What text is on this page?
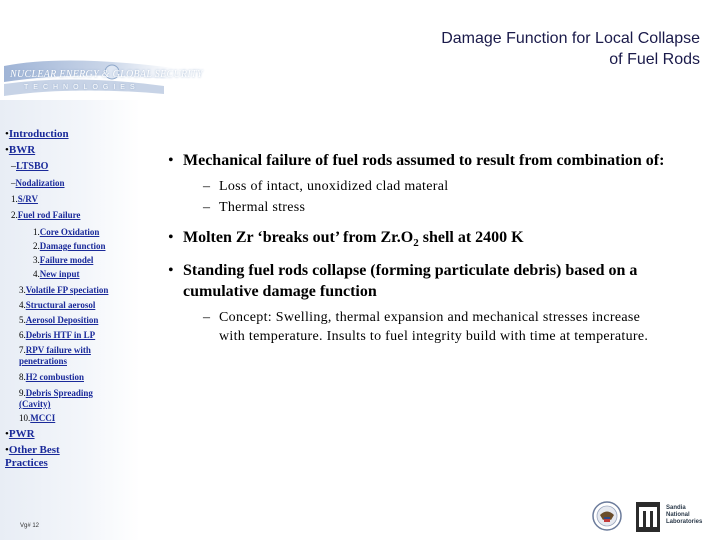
NUCLEAR ENERGY & GLOBAL SECURITY
TECHNOLOGIES
Damage Function for Local Collapse
of Fuel Rods
•Introduction
•BWR
–LTSBO
–Nodalization
1.S/RV
2.Fuel rod Failure
1.Core Oxidation
2.Damage function
3.Failure model
4.New input
3.Volatile FP speciation
4.Structural aerosol
5.Aerosol Deposition
6.Debris HTF in LP
7.RPV failure with penetrations
8.H2 combustion
9.Debris Spreading (Cavity)
10.MCCI
•PWR
•Other Best Practices
Vg# 12
• Mechanical failure of fuel rods assumed to result from combination of:
– Loss of intact, unoxidized clad materal
– Thermal stress
• Molten Zr ‘breaks out’ from $Zr.O_2$ shell at 2400 K
• Standing fuel rods collapse (forming particulate debris) based on a cumulative damage function
– Concept: Swelling, thermal expansion and mechanical stresses increase with temperature. Insults to fuel integrity build with time at temperature.
Sandia
National
Laboratories
